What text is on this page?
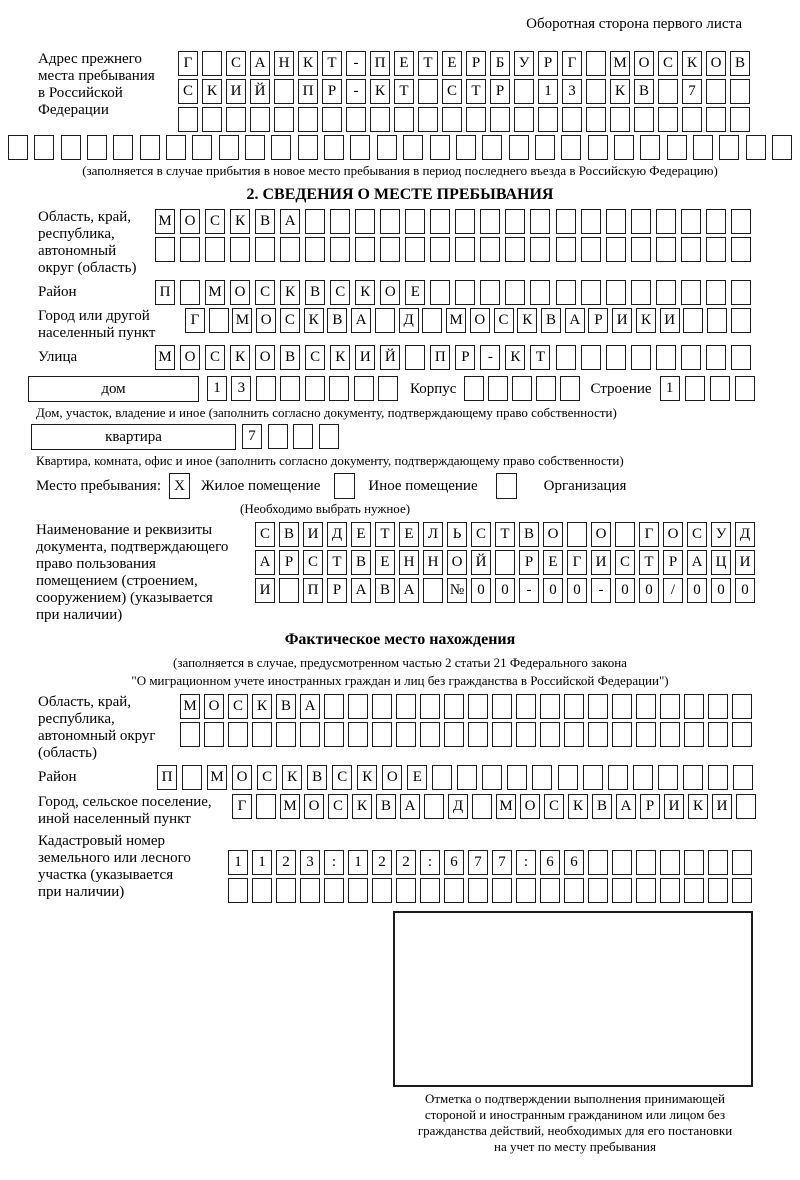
Оборотная сторона первого листа
Адрес прежнего
места пребывания
в Российской
Федерации
Г	С А Н К Т	-	П Е Т Е	Р	Б У Р	Г	М О С К О В
С К И Й	П Р	-	К Т	С Т	Р	1	3	К В	7
(заполняется в случае прибытия в новое место пребывания в период последнего въезда в Российскую Федерацию)
2. СВЕДЕНИЯ О МЕСТЕ ПРЕБЫВАНИЯ
Область, край,
республика,
автономный
округ (область)
М О С	К	В А
Район	П	М О С	К	В	С	К О	Е
Город или другой
населенный пункт
Г	М О С К В А	Д	М О С К В А Р И К И
Улица	М О С	К О В	С	К И Й	П	Р	-	К	Т
дом	1	3	Корпус	Строение 1
Дом, участок, владение и иное (заполнить согласно документу, подтверждающему право собственности)
квартира	7
Квартира, комната, офис и иное (заполнить согласно документу, подтверждающему право собственности)
Место пребывания: X	Жилое помещение	Иное помещение	Организация
(Необходимо выбрать нужное)
Наименование и реквизиты
документа, подтверждающего
право пользования
помещением (строением,
сооружением) (указывается
при наличии)
С В И Д Е Т Е Л Ь С Т В О	О	Г О С У Д
А Р С Т В Е Н Н О Й	Р	Е	Г И С Т	Р А Ц И
И	П Р А В А	№ 0	0	-	0	0	-	0	0	/	0	0	0
Фактическое место нахождения
(заполняется в случае, предусмотренном частью 2 статьи 21 Федерального закона
"О миграционном учете иностранных граждан и лиц без гражданства в Российской Федерации")
Область, край,
республика,
автономный округ
(область)
М О С К В А
Район	П	М О С	К	В	С	К О	Е
Город, сельское поселение,
иной населенный пункт
Г	М О С К В А	Д	М О С К В А Р И К И
Кадастровый номер
земельного или лесного
участка (указывается
при наличии)
1	1	2	3	:	1	2	2	:	6	7	7	:	6	6
Отметка о подтверждении выполнения принимающей
стороной и иностранным гражданином или лицом без
гражданства действий, необходимых для его постановки
на учет по месту пребывания
